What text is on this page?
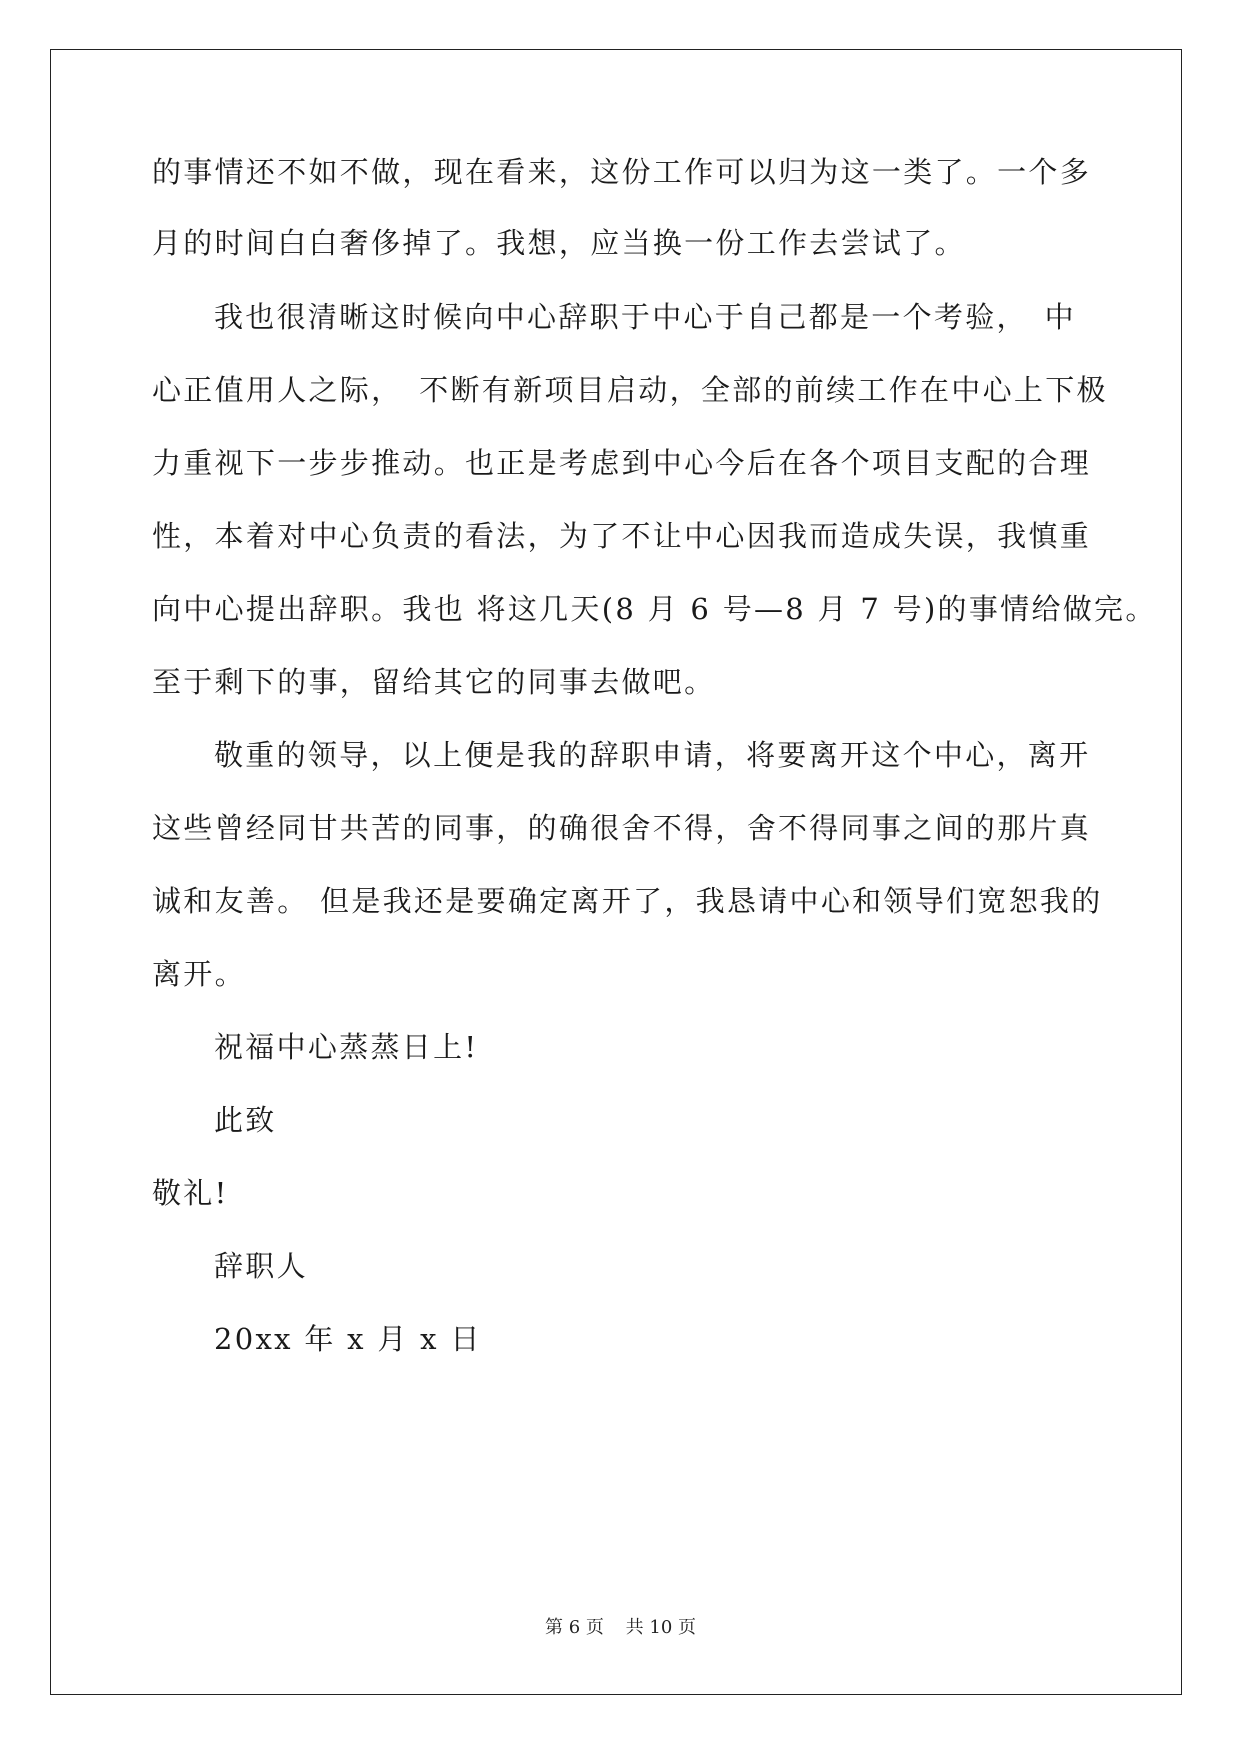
的事情还不如不做，现在看来，这份工作可以归为这一类了。一个多
月的时间白白奢侈掉了。我想，应当换一份工作去尝试了。
我也很清晰这时候向中心辞职于中心于自己都是一个考验，　中
心正值用人之际，　不断有新项目启动，全部的前续工作在中心上下极
力重视下一步步推动。也正是考虑到中心今后在各个项目支配的合理
性，本着对中心负责的看法，为了不让中心因我而造成失误，我慎重
向中心提出辞职。我也 将这几天(8 月 6 号—8 月 7 号)的事情给做完。
至于剩下的事，留给其它的同事去做吧。
敬重的领导，以上便是我的辞职申请，将要离开这个中心，离开
这些曾经同甘共苦的同事，的确很舍不得，舍不得同事之间的那片真
诚和友善。 但是我还是要确定离开了，我恳请中心和领导们宽恕我的
离开。
祝福中心蒸蒸日上!
此致
敬礼!
辞职人
20xx 年 x 月 x 日
第 6 页 共 10 页
